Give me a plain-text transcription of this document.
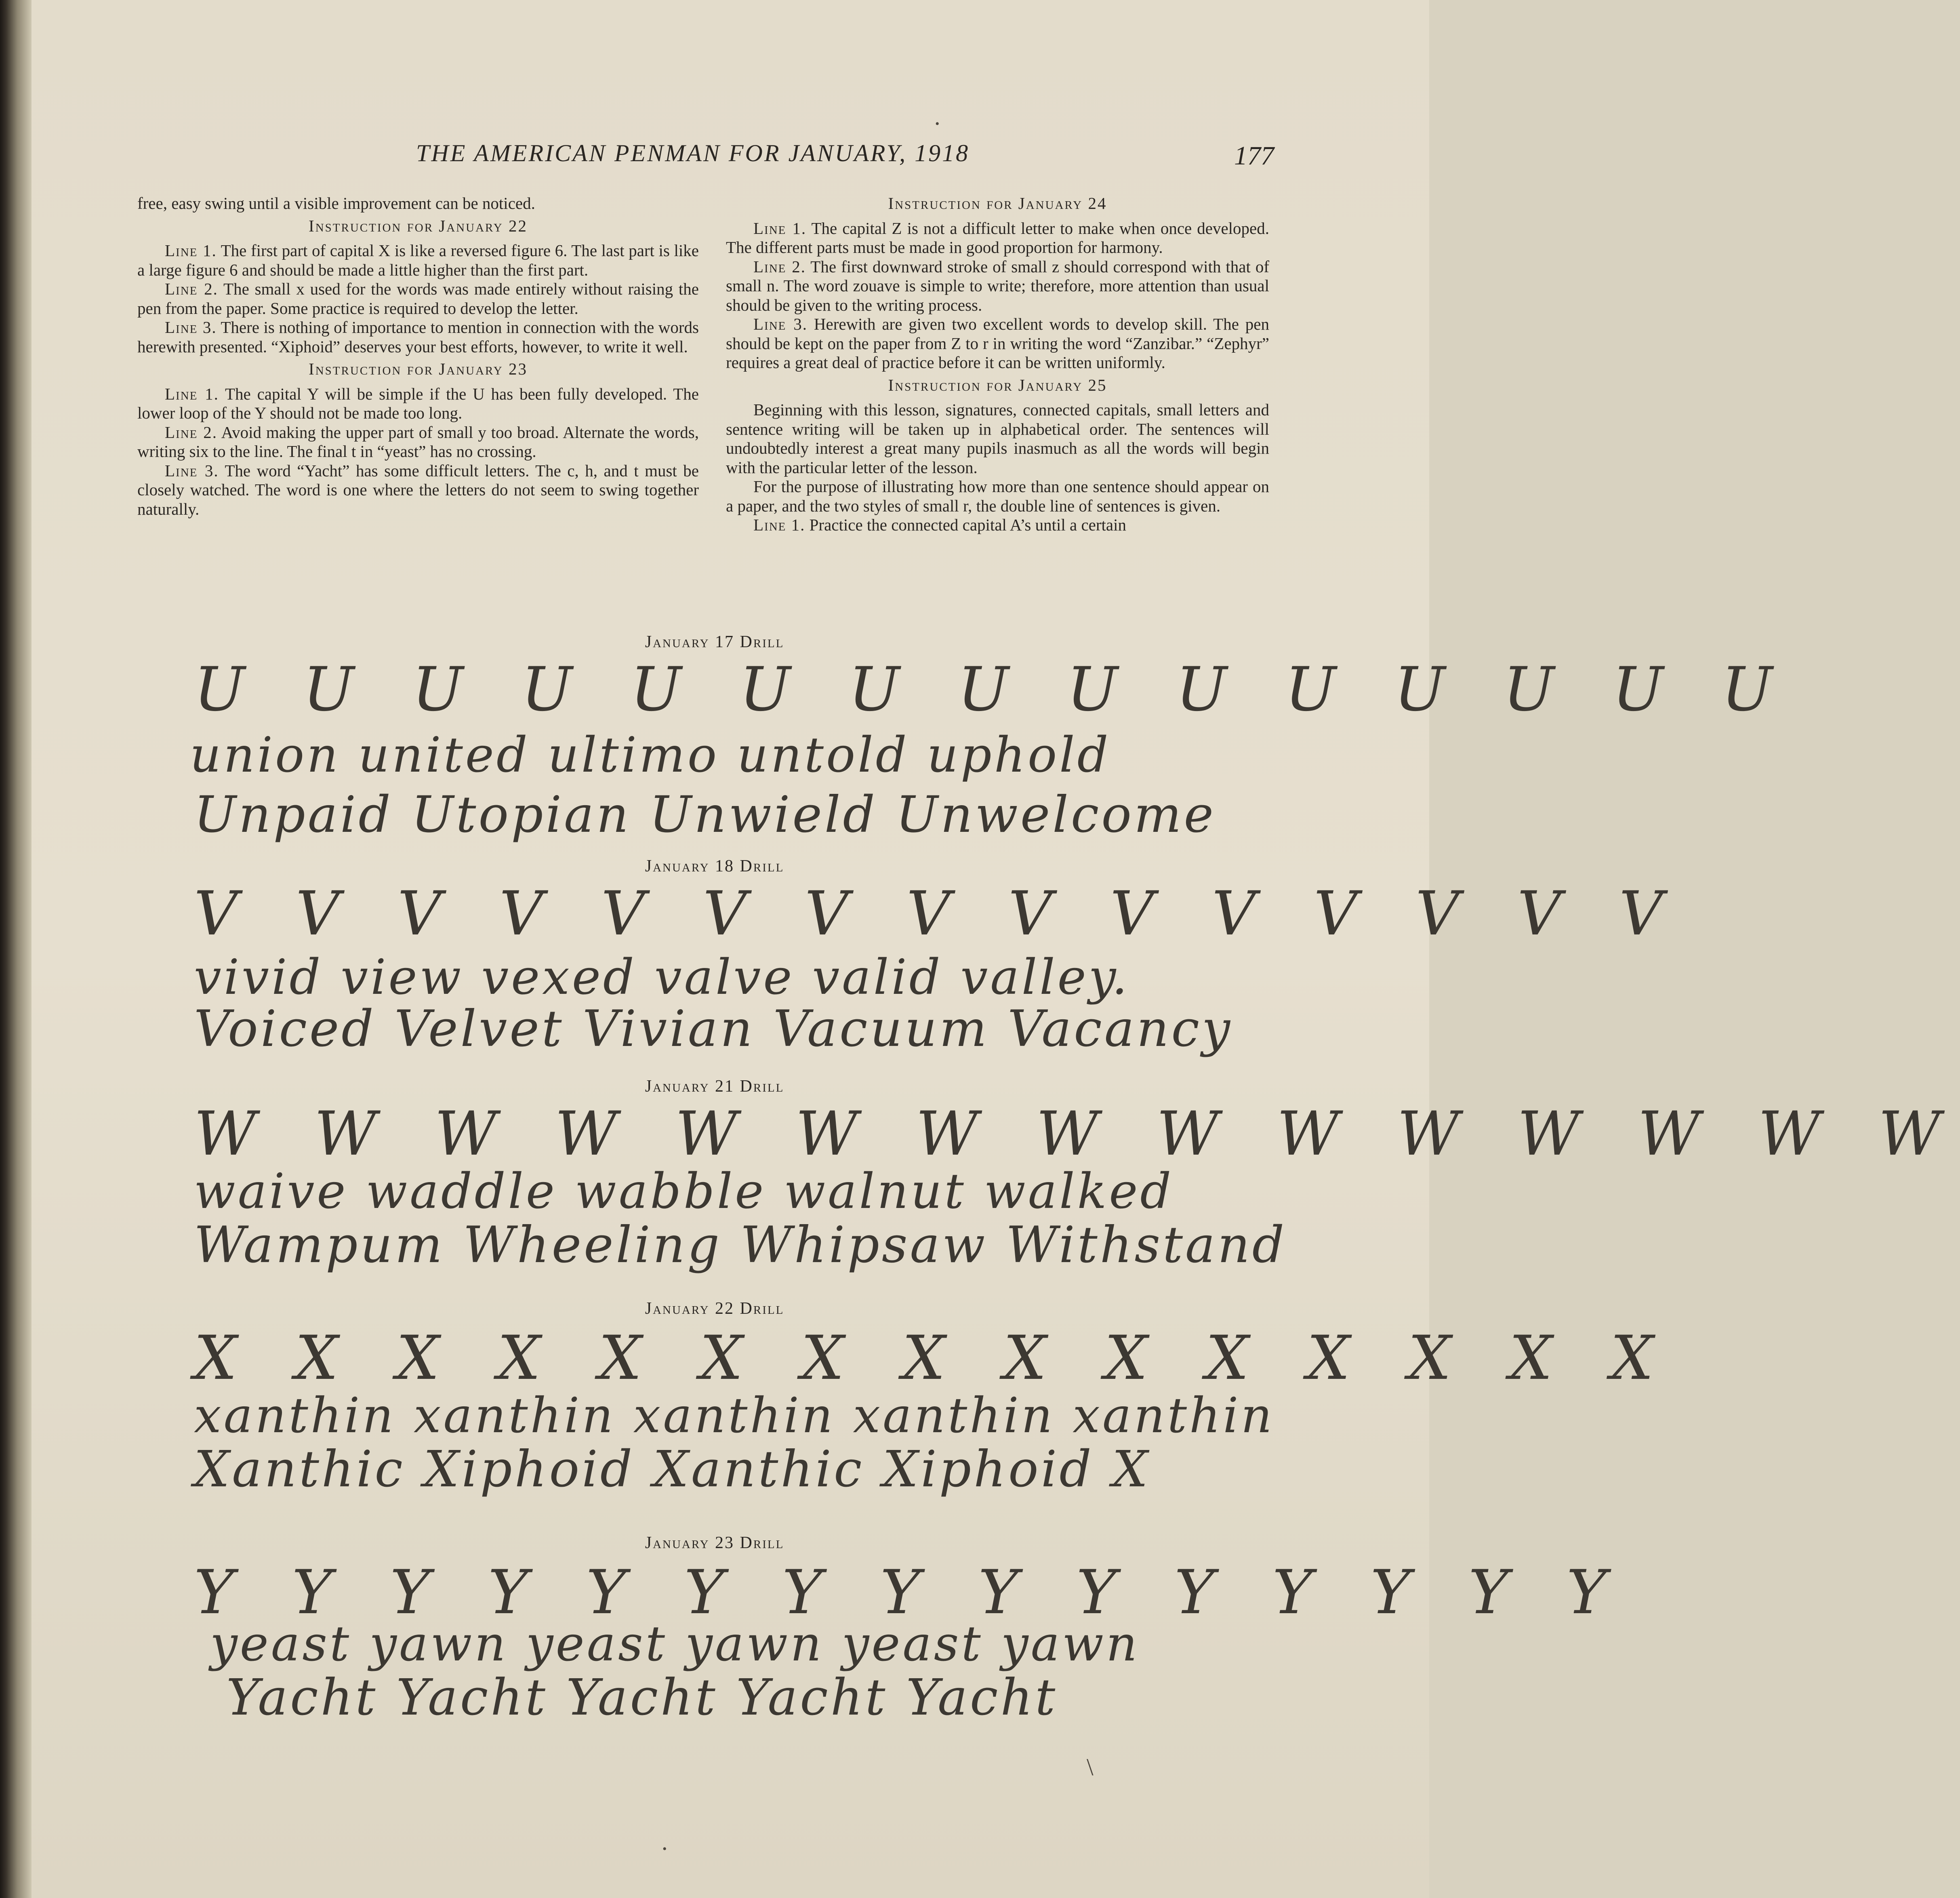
THE AMERICAN PENMAN FOR JANUARY, 1918	177

free, easy swing until a visible improvement can be noticed.

Instruction for January 22

Line 1. The first part of capital X is like a reversed figure 6. The last part is like a large figure 6 and should be made a little higher than the first part.

Line 2. The small x used for the words was made entirely without raising the pen from the paper. Some practice is required to develop the letter.

Line 3. There is nothing of importance to mention in connection with the words herewith presented. “Xiphoid” deserves your best efforts, however, to write it well.

Instruction for January 23

Line 1. The capital Y will be simple if the U has been fully developed. The lower loop of the Y should not be made too long.

Line 2. Avoid making the upper part of small y too broad. Alternate the words, writing six to the line. The final t in “yeast” has no crossing.

Line 3. The word “Yacht” has some difficult letters. The c, h, and t must be closely watched. The word is one where the letters do not seem to swing together naturally.

Instruction for January 24

Line 1. The capital Z is not a difficult letter to make when once developed. The different parts must be made in good proportion for harmony.

Line 2. The first downward stroke of small z should correspond with that of small n. The word zouave is simple to write; therefore, more attention than usual should be given to the writing process.

Line 3. Herewith are given two excellent words to develop skill. The pen should be kept on the paper from Z to r in writing the word “Zanzibar.” “Zephyr” requires a great deal of practice before it can be written uniformly.

Instruction for January 25

Beginning with this lesson, signatures, connected capitals, small letters and sentence writing will be taken up in alphabetical order. The sentences will undoubtedly interest a great many pupils inasmuch as all the words will begin with the particular letter of the lesson.

For the purpose of illustrating how more than one sentence should appear on a paper, and the two styles of small r, the double line of sentences is given.

Line 1. Practice the connected capital A’s until a certain

January 17 Drill
U U U U U U U U U U U U U U U
union united ultimo untold uphold
Unpaid Utopian Unwield Unwelcome
January 18 Drill
V V V V V V V V V V V V V V V
vivid view vexed valve valid valley.
Voiced Velvet Vivian Vacuum Vacancy
January 21 Drill
W W W W W W W W W W W W W W W
waive waddle wabble walnut walked
Wampum Wheeling Whipsaw Withstand
January 22 Drill
X X X X X X X X X X X X X X X
xanthin xanthin xanthin xanthin xanthin
Xanthic Xiphoid Xanthic Xiphoid X
January 23 Drill
Y Y Y Y Y Y Y Y Y Y Y Y Y Y Y
yeast yawn yeast yawn yeast yawn
Yacht Yacht Yacht Yacht Yacht
•
\
•
